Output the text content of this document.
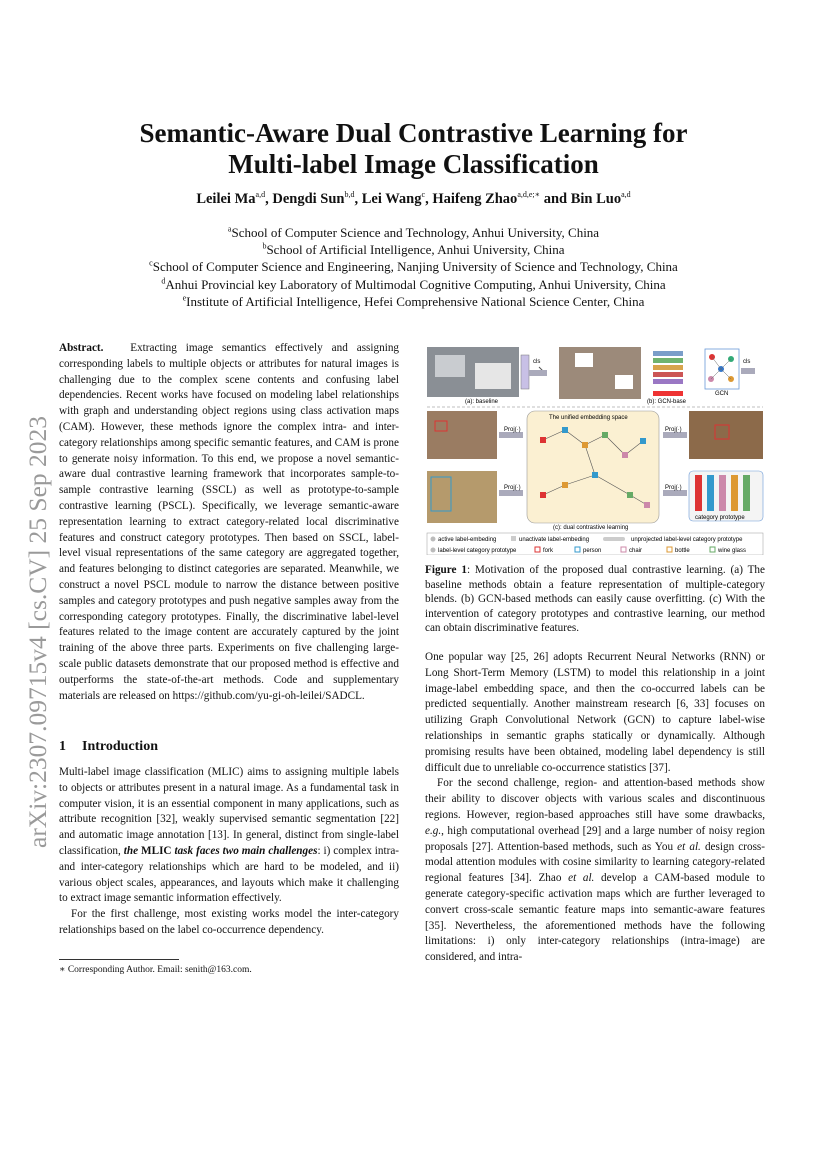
arXiv:2307.09715v4 [cs.CV] 25 Sep 2023
Semantic-Aware Dual Contrastive Learning for
Multi-label Image Classification
Leilei Ma$^{a,d}$, Dengdi Sun$^{b,d}$, Lei Wang$^c$, Haifeng Zhao$^{a,d,e;∗}$ and Bin Luo$^{a,d}$
$^a$School of Computer Science and Technology, Anhui University, China
$^b$School of Artificial Intelligence, Anhui University, China
$^c$School of Computer Science and Engineering, Nanjing University of Science and Technology, China
$^d$Anhui Provincial key Laboratory of Multimodal Cognitive Computing, Anhui University, China
$^e$Institute of Artificial Intelligence, Hefei Comprehensive National Science Center, China
Abstract. Extracting image semantics effectively and assigning corresponding labels to multiple objects or attributes for natural images is challenging due to the complex scene contents and confusing label dependencies. Recent works have focused on modeling label relationships with graph and understanding object regions using class activation maps (CAM). However, these methods ignore the complex intra- and inter-category relationships among specific semantic features, and CAM is prone to generate noisy information. To this end, we propose a novel semantic-aware dual contrastive learning framework that incorporates sample-to-sample contrastive learning (SSCL) as well as prototype-to-sample contrastive learning (PSCL). Specifically, we leverage semantic-aware representation learning to extract category-related local discriminative features and construct category prototypes. Then based on SSCL, label-level visual representations of the same category are aggregated together, and features belonging to distinct categories are separated. Meanwhile, we construct a novel PSCL module to narrow the distance between positive samples and category prototypes and push negative samples away from the corresponding category prototypes. Finally, the discriminative label-level features related to the image content are accurately captured by the joint training of the above three parts. Experiments on five challenging large-scale public datasets demonstrate that our proposed method is effective and outperforms the state-of-the-art methods. Code and supplementary materials are released on https://github.com/yu-gi-oh-leilei/SADCL.
1 Introduction

Multi-label image classification (MLIC) aims to assigning multiple labels to objects or attributes present in a natural image. As a fundamental task in computer vision, it is an essential component in many applications, such as attribute recognition [32], weakly supervised semantic segmentation [22] and automatic image annotation [13]. In general, distinct from single-label classification, the MLIC task faces two main challenges: i) complex intra- and inter-category relationships which are hard to be modeled, and ii) various object scales, appearances, and layouts which make it challenging to extract image semantic information effectively.

For the first challenge, most existing works model the inter-category relationships based on the label co-occurrence dependency.

∗ Corresponding Author. Email: senith@163.com.
cls
(a): baseline
GCN
cls
(b): GCN-base
Proj(·)
Proj(·)
The unified embedding space
Proj(·)
Proj(·)
category prototype
(c): dual contrastive learning
active label-embeding	unactivate label-embeding	unprojected label-level category prototype
label-level category prototype	fork	person	chair	bottle	wine glass
Figure 1: Motivation of the proposed dual contrastive learning. (a) The baseline methods obtain a feature representation of multiple-category blends. (b) GCN-based methods can easily cause overfitting. (c) With the intervention of category prototypes and contrastive learning, our method can obtain discriminative features.

One popular way [25, 26] adopts Recurrent Neural Networks (RNN) or Long Short-Term Memory (LSTM) to model this relationship in a joint image-label embedding space, and then the co-occurred labels can be predicted sequentially. Another mainstream research [6, 33] focuses on utilizing Graph Convolutional Network (GCN) to capture label-wise relationships in semantic graphs statically or dynamically. Although promising results have been obtained, modeling label dependency is still difficult due to unreliable co-occurrence statistics [37].

For the second challenge, region- and attention-based methods show their ability to discover objects with various scales and discontinuous regions. However, region-based approaches still have some drawbacks, e.g., high computational overhead [29] and a large number of noisy region proposals [27]. Attention-based methods, such as You et al. design cross-modal attention modules with cosine similarity to learning category-related regional features [34]. Zhao et al. develop a CAM-based module to generate category-specific activation maps which are further leveraged to convert cross-scale semantic feature maps into semantic-aware features [35]. Nevertheless, the aforementioned methods have the following limitations: i) only inter-category relationships (intra-image) are considered, and intra-
